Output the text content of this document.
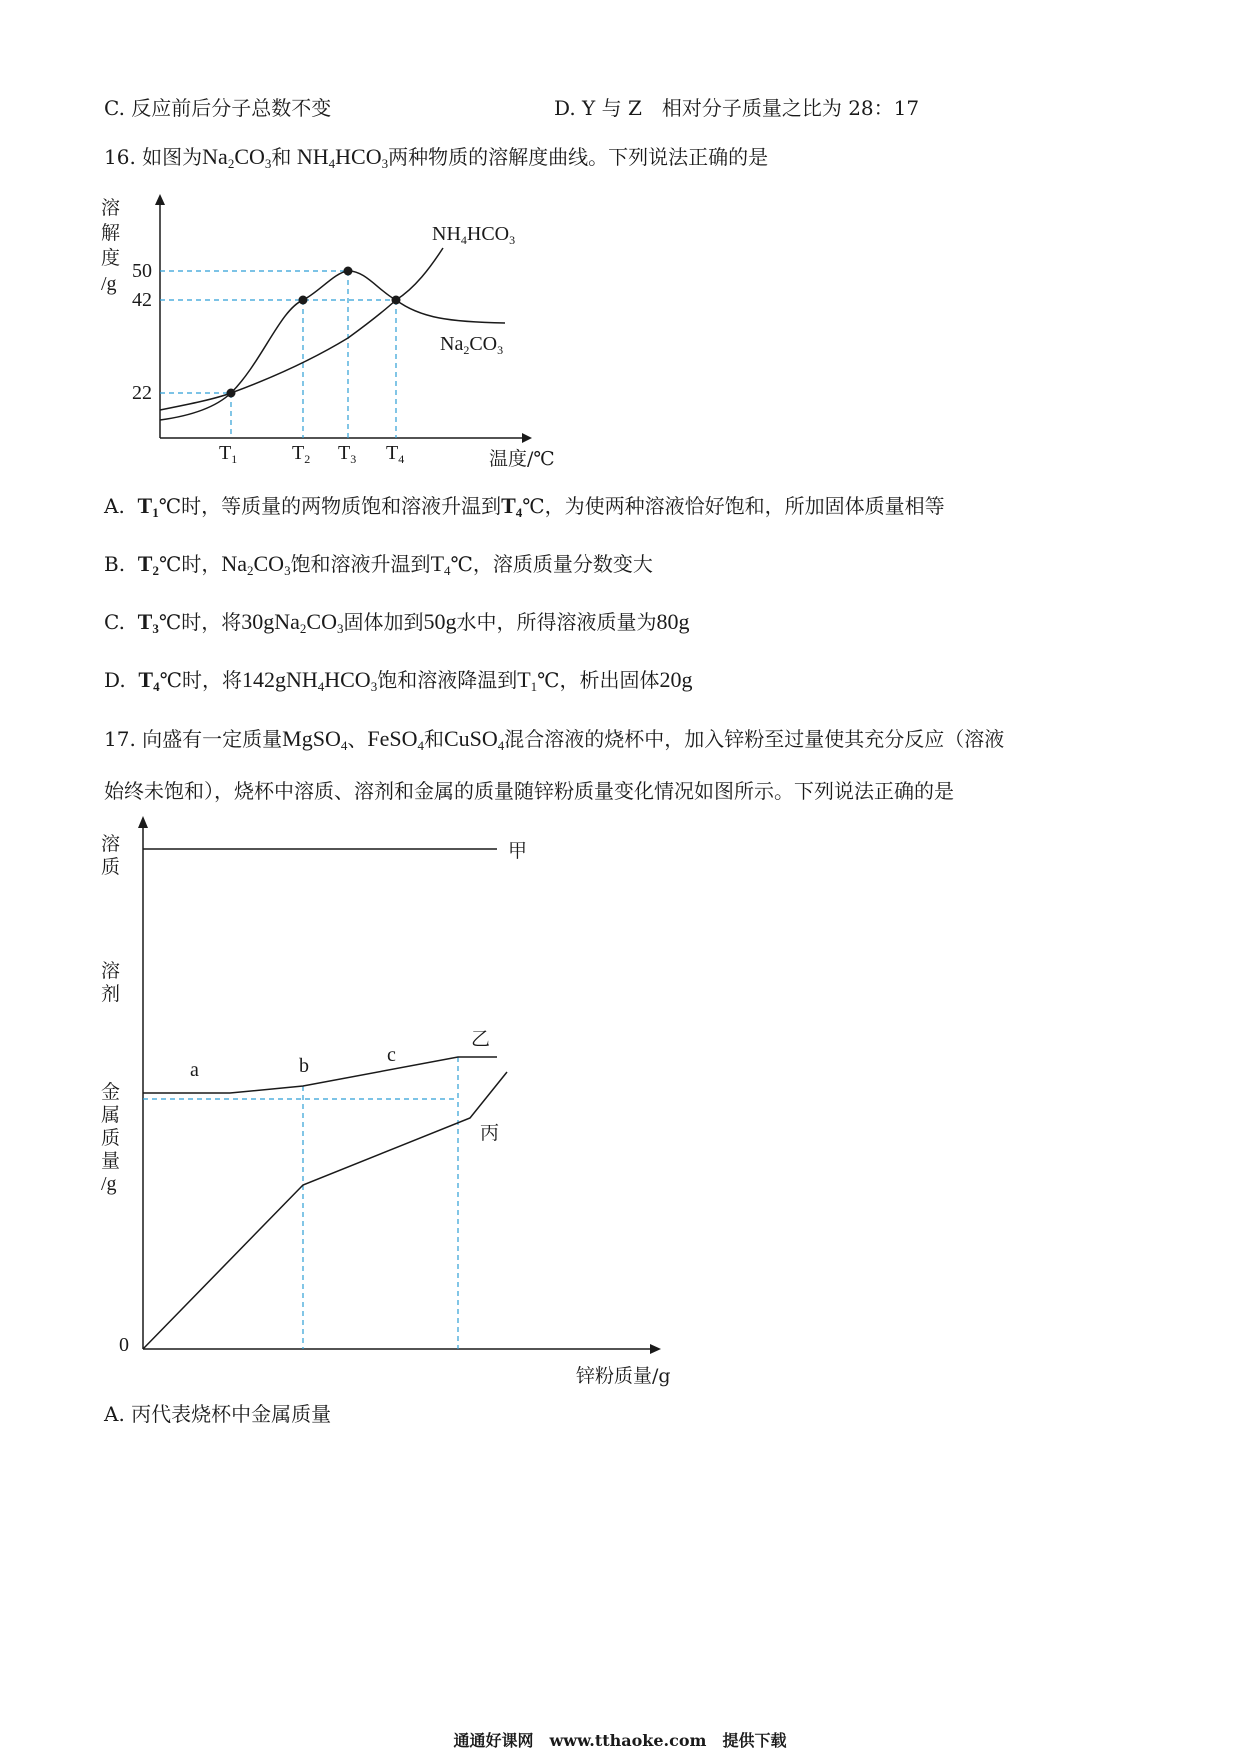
C. 反应前后分子总数不变	D. Y 与 Z　相对分子质量之比为 28：17
16. 如图为$Na_2CO_3$和 $NH_4HCO_3$两种物质的溶解度曲线。下列说法正确的是
溶
解
度
/g
50
42
22
$T_1$	$T_2$ $T_3$ $T_4$	温度/℃
$NH_4HCO_3$
$Na_2CO_3$
A. $T_1℃$时，等质量的两物质饱和溶液升温到$T_4℃$，为使两种溶液恰好饱和，所加固体质量相等
B. $T_2℃$时，$Na_2CO_3$饱和溶液升温到$T_4℃$，溶质质量分数变大
C. $T_3℃$时，将$30gNa_2CO_3$固体加到50g水中，所得溶液质量为80g
D. $T_4℃$时，将$142gNH_4HCO_3$饱和溶液降温到$T_1℃$，析出固体20g
17. 向盛有一定质量MgSO$_4$、FeSO$_4$和CuSO$_4$混合溶液的烧杯中，加入锌粉至过量使其充分反应（溶液
始终未饱和），烧杯中溶质、溶剂和金属的质量随锌粉质量变化情况如图所示。下列说法正确的是
溶
质
溶
剂
金
属
质
量
/g
0
锌粉质量/g
甲
乙
丙
a	b	c
A. 丙代表烧杯中金属质量
通通好课网　www.tthaoke.com　提供下载
